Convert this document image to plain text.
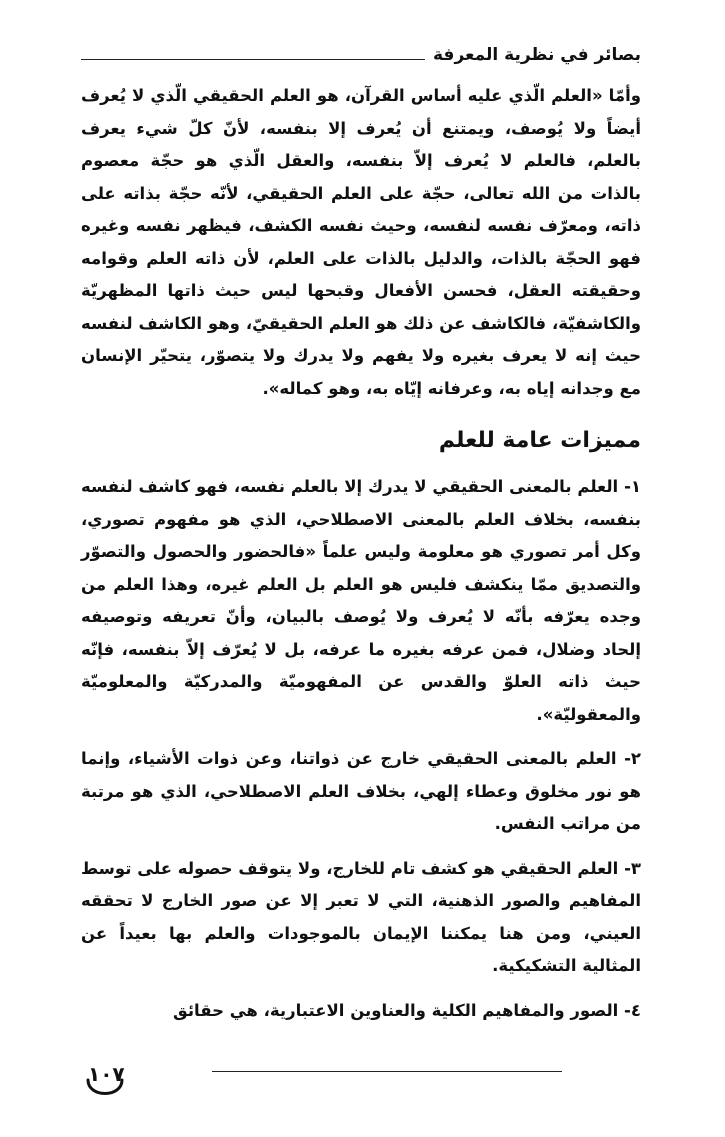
بصائر في نظرية المعرفة

وأمّا «العلم الّذي عليه أساس القرآن، هو العلم الحقيقي الّذي لا يُعرف أيضاً ولا يُوصف، ويمتنع أن يُعرف إلا بنفسه، لأنّ كلّ شيء يعرف بالعلم، فالعلم لا يُعرف إلاّ بنفسه، والعقل الّذي هو حجّة معصوم بالذات من الله تعالى، حجّة على العلم الحقيقي، لأنّه حجّة بذاته على ذاته، ومعرّف نفسه لنفسه، وحيث نفسه الكشف، فيظهر نفسه وغيره فهو الحجّة بالذات، والدليل بالذات على العلم، لأن ذاته العلم وقوامه وحقيقته العقل، فحسن الأفعال وقبحها ليس حيث ذاتها المظهريّة والكاشفيّة، فالكاشف عن ذلك هو العلم الحقيقيّ، وهو الكاشف لنفسه حيث إنه لا يعرف بغيره ولا يفهم ولا يدرك ولا يتصوّر، يتحيّر الإنسان مع وجدانه إياه به، وعرفانه إيّاه به، وهو كماله».

مميزات عامة للعلم

١- العلم بالمعنى الحقيقي لا يدرك إلا بالعلم نفسه، فهو كاشف لنفسه بنفسه، بخلاف العلم بالمعنى الاصطلاحي، الذي هو مفهوم تصوري، وكل أمر تصوري هو معلومة وليس علماً «فالحضور والحصول والتصوّر والتصديق ممّا ينكشف فليس هو العلم بل العلم غيره، وهذا العلم من وجده يعرّفه بأنّه لا يُعرف ولا يُوصف بالبيان، وأنّ تعريفه وتوصيفه إلحاد وضلال، فمن عرفه بغيره ما عرفه، بل لا يُعرّف إلاّ بنفسه، فإنّه حيث ذاته العلوّ والقدس عن المفهوميّة والمدركيّة والمعلوميّة والمعقوليّة».

٢- العلم بالمعنى الحقيقي خارج عن ذواتنا، وعن ذوات الأشياء، وإنما هو نور مخلوق وعطاء إلهي، بخلاف العلم الاصطلاحي، الذي هو مرتبة من مراتب النفس.

٣- العلم الحقيقي هو كشف تام للخارج، ولا يتوقف حصوله على توسط المفاهيم والصور الذهنية، التي لا تعبر إلا عن صور الخارج لا تحققه العيني، ومن هنا يمكننا الإيمان بالموجودات والعلم بها بعيداً عن المثالية التشكيكية.

٤- الصور والمفاهيم الكلية والعناوين الاعتبارية، هي حقائق

١٠٧
